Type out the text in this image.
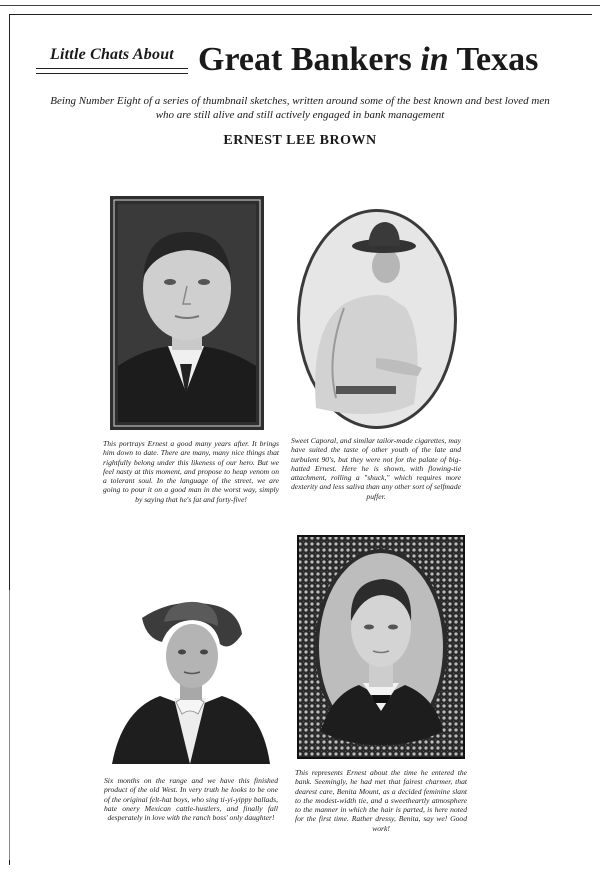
Little Chats About Great Bankers in Texas
Being Number Eight of a series of thumbnail sketches, written around some of the best known and best loved men who are still alive and still actively engaged in bank management
ERNEST LEE BROWN

This portrays Ernest a good many years after. It brings him down to date. There are many, many nice things that rightfully belong under this likeness of our hero. But we feel nasty at this moment, and propose to heap venom on a tolerant soul. In the language of the street, we are going to pour it on a good man in the worst way, simply by saying that he's fat and forty-five!

Sweet Caporal, and similar tailor-made cigarettes, may have suited the taste of other youth of the late and turbulent 90's, but they were not for the palate of big-hatted Ernest. Here he is shown, with flowing-tie attachment, rolling a "shuck," which requires more dexterity and less saliva than any other sort of selfmade puffer.

Six months on the range and we have this finished product of the old West. In very truth he looks to be one of the original felt-hat boys, who sing ti-yi-yippy ballads, hate onery Mexican cattle-hustlers, and finally fall desperately in love with the ranch boss' only daughter!

This represents Ernest about the time he entered the bank. Seemingly, he had met that fairest charmer, that dearest care, Benita Mount, as a decided feminine slant to the modest-width tie, and a sweetheartly atmosphere to the manner in which the hair is parted, is here noted for the first time. Rather dressy, Benita, say we! Good work!
